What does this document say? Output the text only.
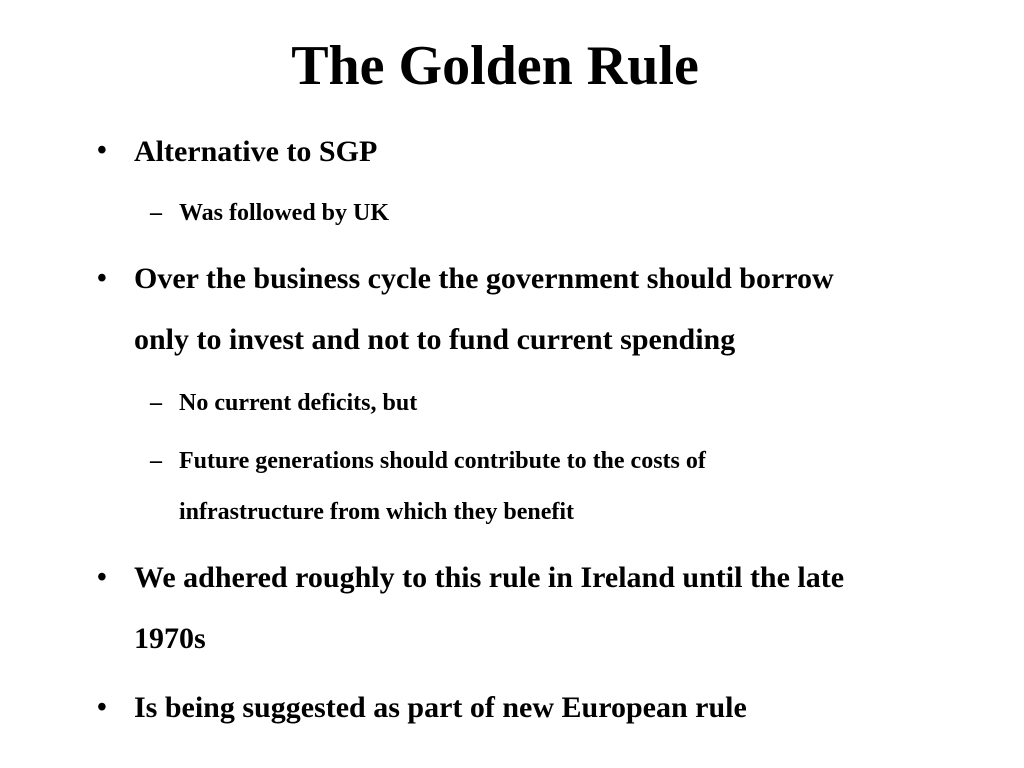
The Golden Rule
• Alternative to SGP
– Was followed by UK
• Over the business cycle the government should borrow
only to invest and not to fund current spending
– No current deficits, but
– Future generations should contribute to the costs of
infrastructure from which they benefit
• We adhered roughly to this rule in Ireland until the late
1970s
• Is being suggested as part of new European rule
